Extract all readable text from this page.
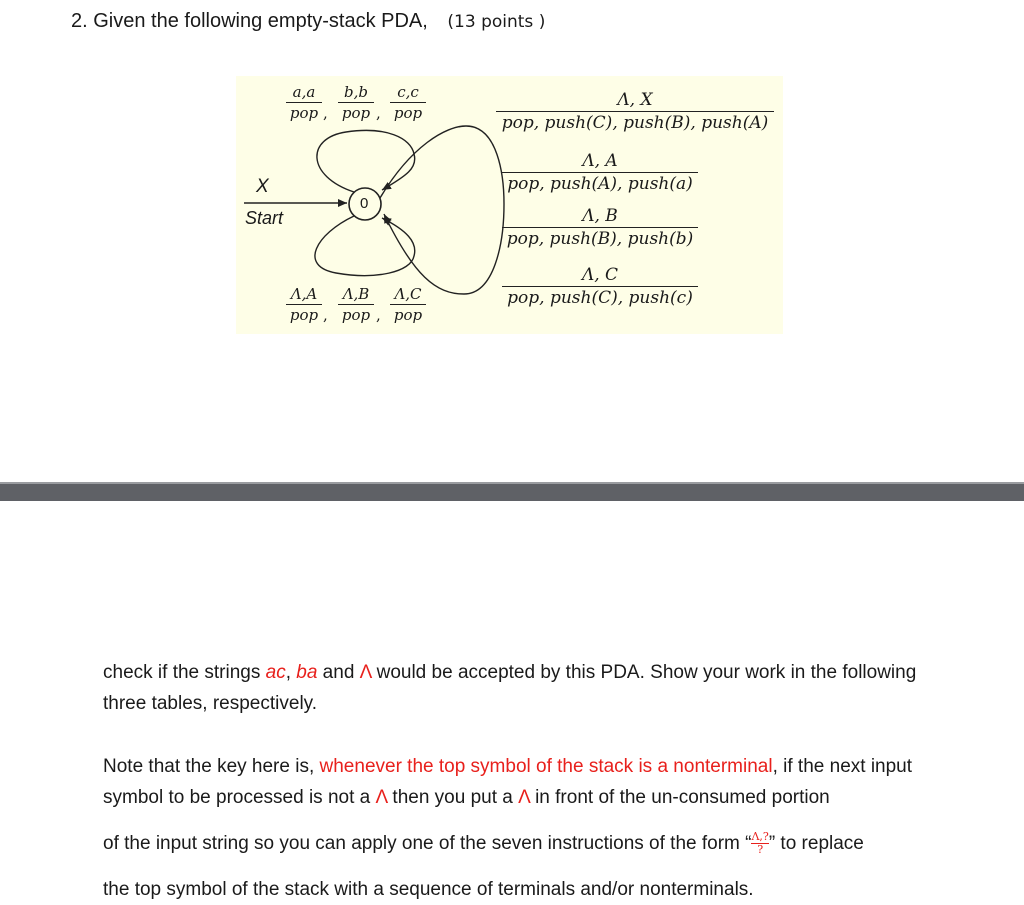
2. Given the following empty-stack PDA, (13 points )
0
X
Start
a,a
pop ,
b,b
pop ,
c,c
pop
Λ,A
pop ,
Λ,B
pop ,
Λ,C
pop
Λ, X
pop, push(C), push(B), push(A)
Λ, A
pop, push(A), push(a)
Λ, B
pop, push(B), push(b)
Λ, C
pop, push(C), push(c)
check if the strings ac, ba and Λ would be accepted by this PDA. Show your work in the following three tables, respectively.
Note that the key here is, whenever the top symbol of the stack is a nonterminal, if the next input symbol to be processed is not a Λ then you put a Λ in front of the un-consumed portion
of the input string so you can apply one of the seven instructions of the form “ $\frac{\Lambda,?}{?}$ ” to replace
the top symbol of the stack with a sequence of terminals and/or nonterminals.
